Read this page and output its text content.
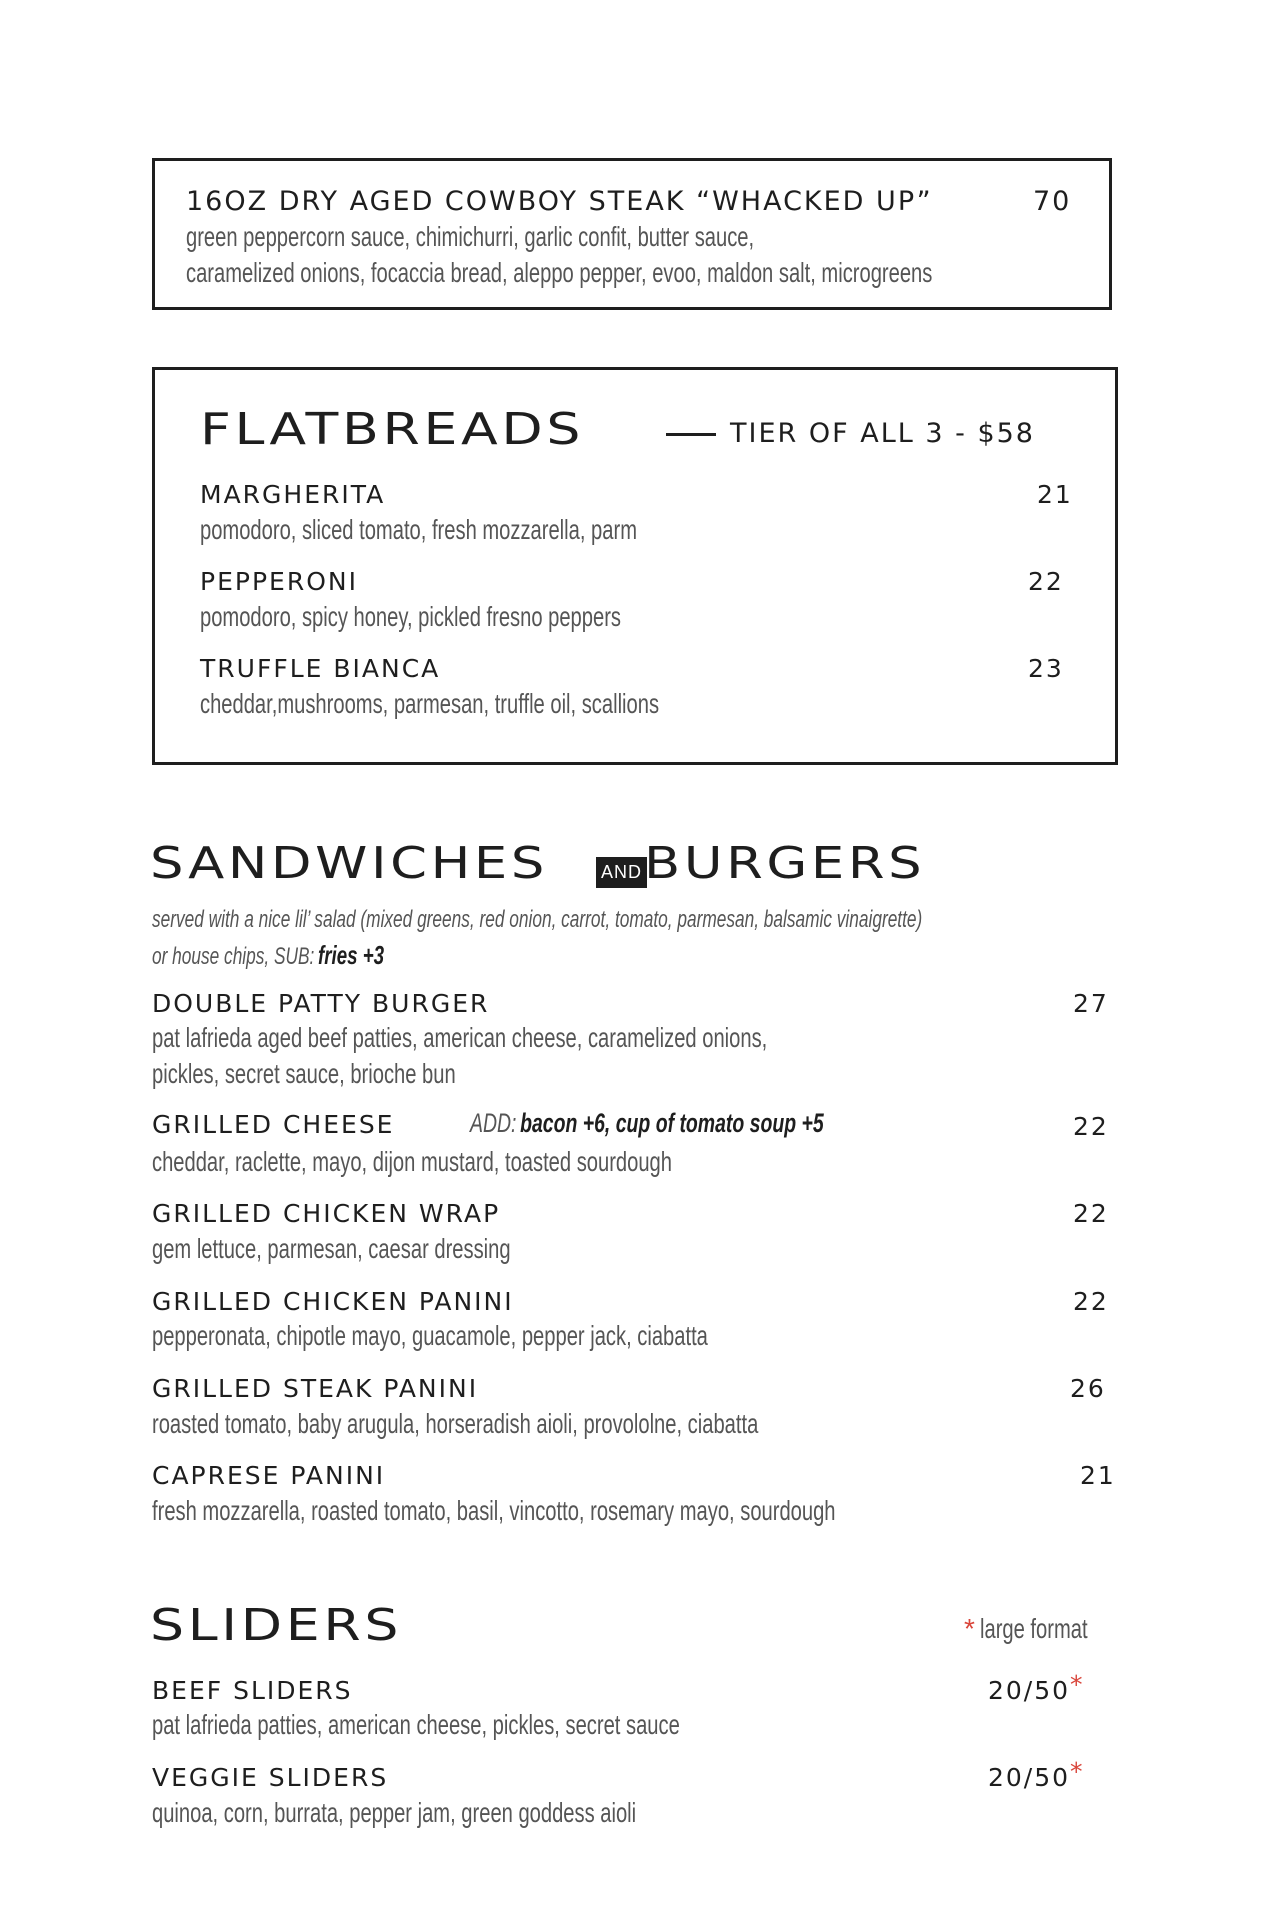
16OZ DRY AGED COWBOY STEAK “WHACKED UP”	70
green peppercorn sauce, chimichurri, garlic confit, butter sauce,
caramelized onions, focaccia bread, aleppo pepper, evoo, maldon salt, microgreens
FLATBREADS	TIER OF ALL 3 - $58
MARGHERITA	21
pomodoro, sliced tomato, fresh mozzarella, parm
PEPPERONI	22
pomodoro, spicy honey, pickled fresno peppers
TRUFFLE BIANCA	23
cheddar,mushrooms, parmesan, truffle oil, scallions
SANDWICHES	AND BURGERS
served with a nice lil’ salad (mixed greens, red onion, carrot, tomato, parmesan, balsamic vinaigrette)
or house chips, SUB: fries +3
DOUBLE PATTY BURGER	27
pat lafrieda aged beef patties, american cheese, caramelized onions,
pickles, secret sauce, brioche bun
GRILLED CHEESE	ADD: bacon +6, cup of tomato soup +5	22
cheddar, raclette, mayo, dijon mustard, toasted sourdough
GRILLED CHICKEN WRAP	22
gem lettuce, parmesan, caesar dressing
GRILLED CHICKEN PANINI	22
pepperonata, chipotle mayo, guacamole, pepper jack, ciabatta
GRILLED STEAK PANINI	26
roasted tomato, baby arugula, horseradish aioli, provololne, ciabatta
CAPRESE PANINI	21
fresh mozzarella, roasted tomato, basil, vincotto, rosemary mayo, sourdough
SLIDERS	* large format
BEEF SLIDERS	20/50*
pat lafrieda patties, american cheese, pickles, secret sauce
VEGGIE SLIDERS	20/50*
quinoa, corn, burrata, pepper jam, green goddess aioli
